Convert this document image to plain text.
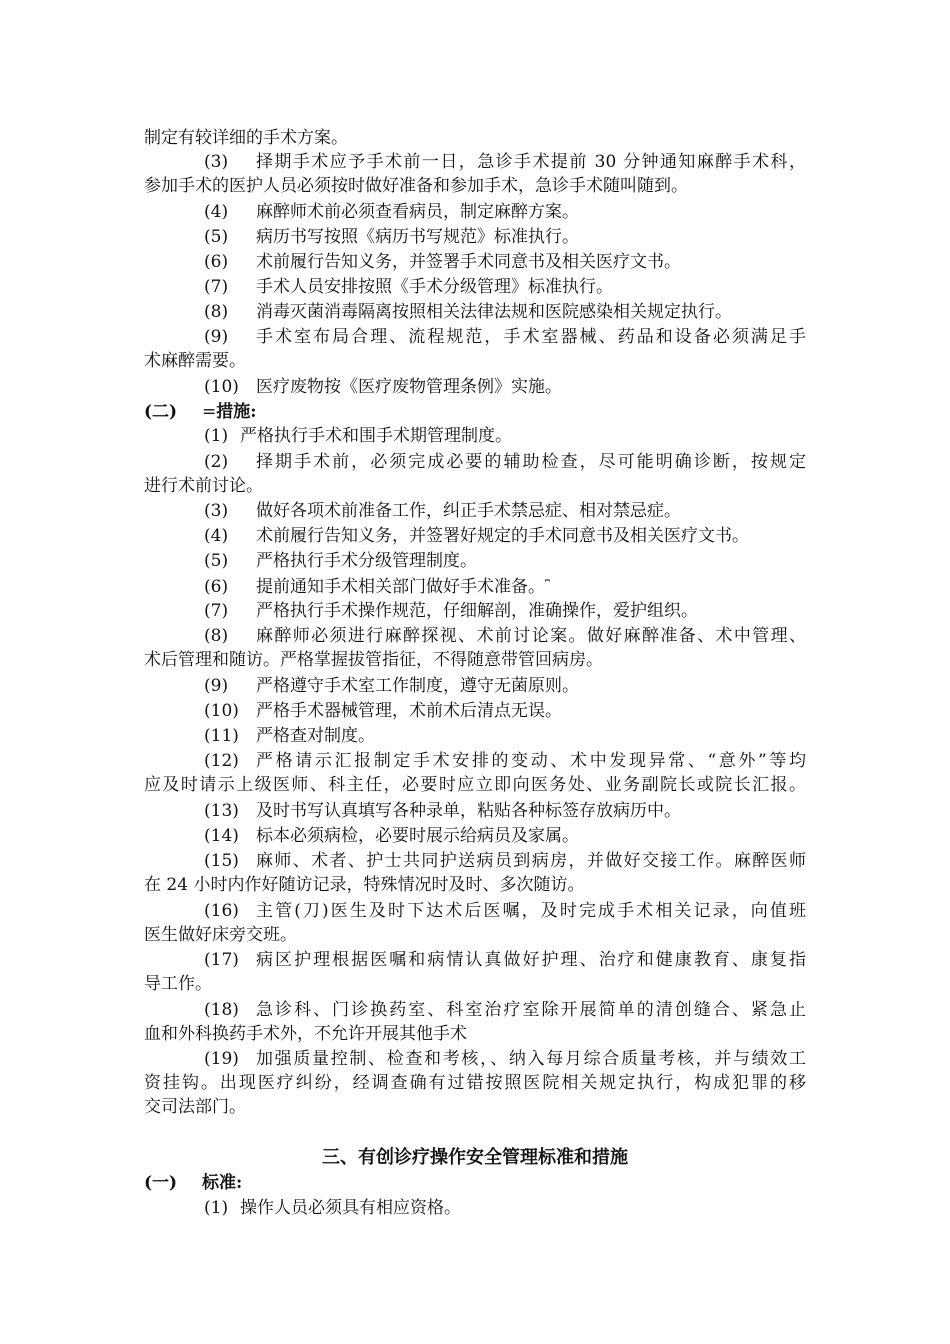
制定有较详细的手术方案。
(3) 择期手术应予手术前一日，急诊手术提前 30 分钟通知麻醉手术科，
参加手术的医护人员必须按时做好准备和参加手术，急诊手术随叫随到。
(4) 麻醉师术前必须查看病员，制定麻醉方案。
(5) 病历书写按照《病历书写规范》标准执行。
(6) 术前履行告知义务，并签署手术同意书及相关医疗文书。
(7) 手术人员安排按照《手术分级管理》标准执行。
(8) 消毒灭菌消毒隔离按照相关法律法规和医院感染相关规定执行。
(9) 手术室布局合理、流程规范，手术室器械、药品和设备必须满足手
术麻醉需要。
(10) 医疗废物按《医疗废物管理条例》实施。
(二) =措施:
(1) 严格执行手术和围手术期管理制度。
(2) 择期手术前，必须完成必要的辅助检查，尽可能明确诊断，按规定
进行术前讨论。
(3) 做好各项术前准备工作，纠正手术禁忌症、相对禁忌症。
(4) 术前履行告知义务，并签署好规定的手术同意书及相关医疗文书。
(5) 严格执行手术分级管理制度。
(6) 提前通知手术相关部门做好手术准备。⎴
(7) 严格执行手术操作规范，仔细解剖，准确操作，爱护组织。
(8) 麻醉师必须进行麻醉探视、术前讨论案。做好麻醉准备、术中管理、
术后管理和随访。严格掌握拔管指征，不得随意带管回病房。
(9) 严格遵守手术室工作制度，遵守无菌原则。
(10) 严格手术器械管理，术前术后清点无误。
(11) 严格查对制度。
(12) 严格请示汇报制定手术安排的变动、术中发现异常、“意外”等均
应及时请示上级医师、科主任，必要时应立即向医务处、业务副院长或院长汇报。
(13) 及时书写认真填写各种录单，粘贴各种标签存放病历中。
(14) 标本必须病检，必要时展示给病员及家属。
(15) 麻师、术者、护士共同护送病员到病房，并做好交接工作。麻醉医师
在 24 小时内作好随访记录，特殊情况时及时、多次随访。
(16) 主管(刀)医生及时下达术后医嘱，及时完成手术相关记录，向值班
医生做好床旁交班。
(17) 病区护理根据医嘱和病情认真做好护理、治疗和健康教育、康复指
导工作。
(18) 急诊科、门诊换药室、科室治疗室除开展简单的清创缝合、紧急止
血和外科换药手术外，不允许开展其他手术
(19) 加强质量控制、检查和考核，、纳入每月综合质量考核，并与绩效工
资挂钩。出现医疗纠纷，经调查确有过错按照医院相关规定执行，构成犯罪的移
交司法部门。
三、有创诊疗操作安全管理标准和措施
(一) 标准:
(1) 操作人员必须具有相应资格。
